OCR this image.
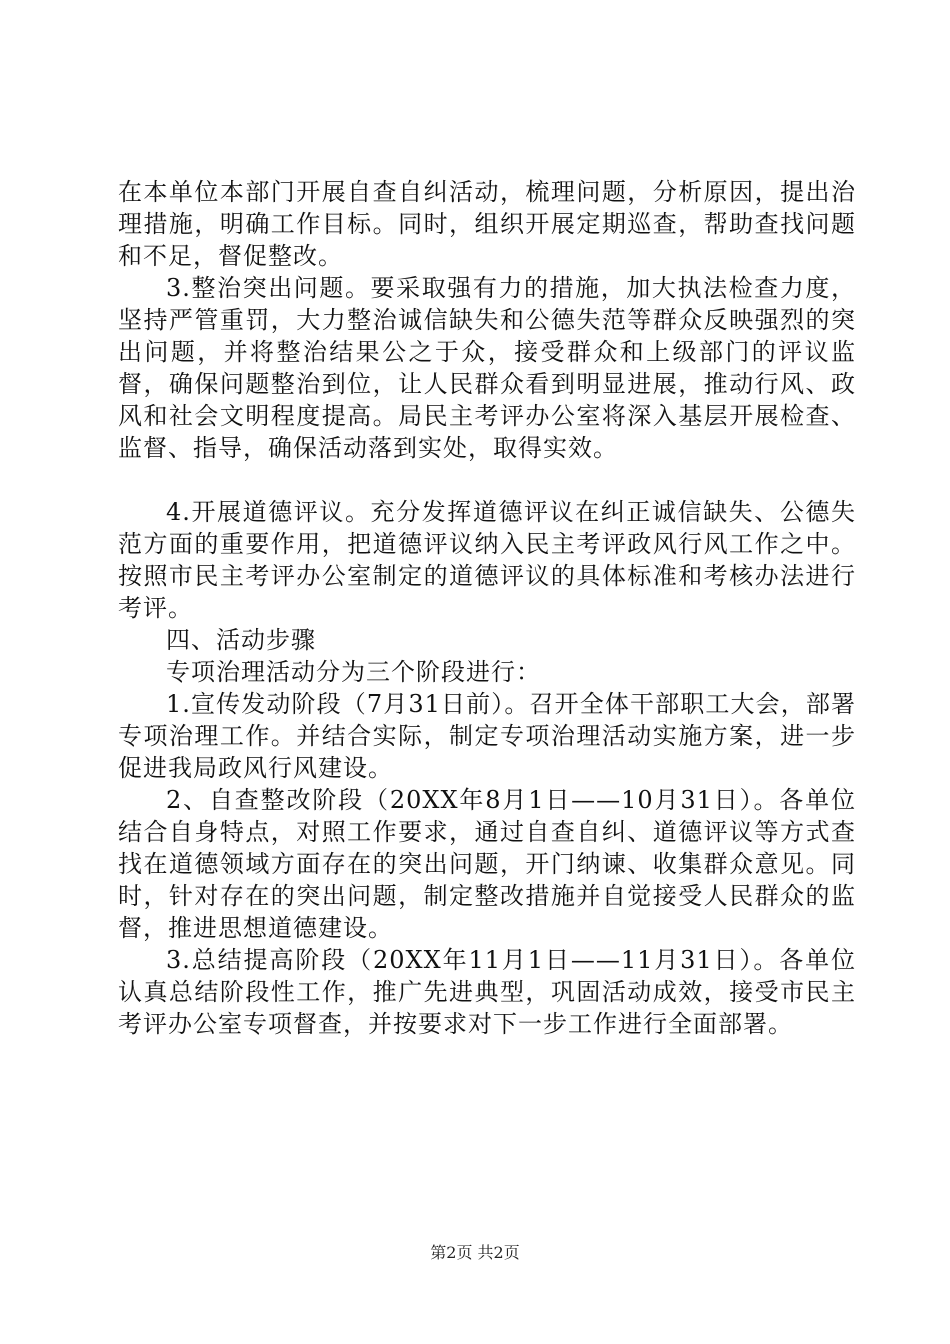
在本单位本部门开展自查自纠活动，梳理问题，分析原因，提出治理措施，明确工作目标。同时，组织开展定期巡查，帮助查找问题和不足，督促整改。

3.整治突出问题。要采取强有力的措施，加大执法检查力度，坚持严管重罚，大力整治诚信缺失和公德失范等群众反映强烈的突出问题，并将整治结果公之于众，接受群众和上级部门的评议监督，确保问题整治到位，让人民群众看到明显进展，推动行风、政风和社会文明程度提高。局民主考评办公室将深入基层开展检查、监督、指导，确保活动落到实处，取得实效。

4.开展道德评议。充分发挥道德评议在纠正诚信缺失、公德失范方面的重要作用，把道德评议纳入民主考评政风行风工作之中。按照市民主考评办公室制定的道德评议的具体标准和考核办法进行考评。

四、活动步骤

专项治理活动分为三个阶段进行：

1.宣传发动阶段（7月31日前）。召开全体干部职工大会，部署专项治理工作。并结合实际，制定专项治理活动实施方案，进一步促进我局政风行风建设。

2、自查整改阶段（20XX年8月1日——10月31日）。各单位结合自身特点，对照工作要求，通过自查自纠、道德评议等方式查找在道德领域方面存在的突出问题，开门纳谏、收集群众意见。同时，针对存在的突出问题，制定整改措施并自觉接受人民群众的监督，推进思想道德建设。

3.总结提高阶段（20XX年11月1日——11月31日）。各单位认真总结阶段性工作，推广先进典型，巩固活动成效，接受市民主考评办公室专项督查，并按要求对下一步工作进行全面部署。

第2页 共2页
